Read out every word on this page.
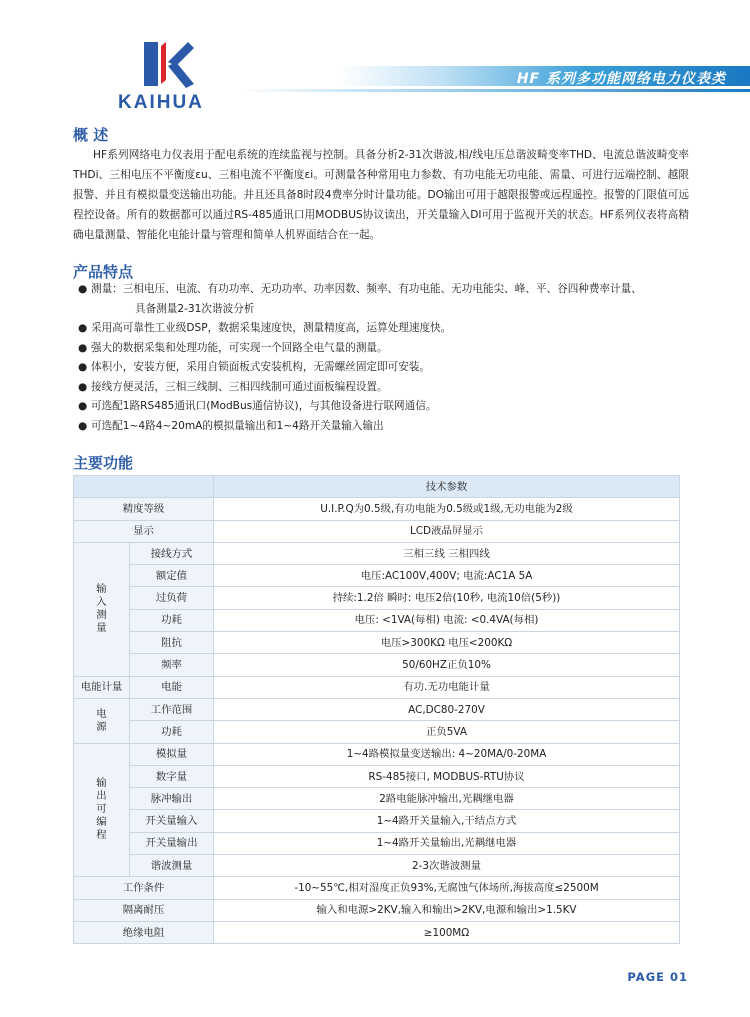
KAIHUA
HF 系列多功能网络电力仪表类
概 述
HF系列网络电力仪表用于配电系统的连续监视与控制。具备分析2-31次谐波,相/线电压总谐波畸变率THD、电流总谐波畸变率THDi、三相电压不平衡度εu、三相电流不平衡度εi。可测量各种常用电力参数、有功电能无功电能、需量、可进行远端控制、越限报警、并且有模拟量变送输出功能。并且还具备8时段4费率分时计量功能。DO输出可用于越限报警或远程遥控。报警的门限值可远程控设备。所有的数据都可以通过RS-485通讯口用MODBUS协议读出，开关量输入DI可用于监视开关的状态。HF系列仪表将高精确电量测量、智能化电能计量与管理和简单人机界面结合在一起。
产品特点
● 测量：三相电压、电流、有功功率、无功功率、功率因数、频率、有功电能、无功电能尖、峰、平、谷四种费率计量、
具备测量2-31次谐波分析
● 采用高可靠性工业级DSP，数据采集速度快，测量精度高，运算处理速度快。
● 强大的数据采集和处理功能，可实现一个回路全电气量的测量。
● 体积小，安装方便，采用自锁面板式安装机构，无需螺丝固定即可安装。
● 接线方便灵活，三相三线制、三相四线制可通过面板编程设置。
● 可选配1路RS485通讯口(ModBus通信协议)，与其他设备进行联网通信。
● 可选配1~4路4~20mA的模拟量输出和1~4路开关量输入输出
主要功能
		技术参数
精度等级		U.I.P.Q为0.5级,有功电能为0.5级或1级,无功电能为2级
显示		LCD液晶屏显示
输入测量	接线方式	三相三线 三相四线
	额定值	电压:AC100V,400V; 电流:AC1A 5A
	过负荷	持续:1.2倍 瞬时: 电压2倍(10秒, 电流10倍(5秒))
	功耗	电压: <1VA(每相) 电流: <0.4VA(每相)
	阻抗	电压>300KΩ 电压<200KΩ
	频率	50/60HZ正负10%
电能计量	电能	有功.无功电能计量
电源	工作范围	AC,DC80-270V
	功耗	正负5VA
输出可编程	模拟量	1~4路模拟量变送输出: 4~20MA/0-20MA
	数字量	RS-485接口, MODBUS-RTU协议
	脉冲输出	2路电能脉冲输出,光耦继电器
	开关量输入	1~4路开关量输入,干结点方式
	开关量输出	1~4路开关量输出,光耦继电器
	谐波测量	2-3次谐波测量
工作条件		-10~55℃,相对湿度正负93%,无腐蚀气体场所,海拔高度≤2500M
隔离耐压		输入和电源>2KV,输入和输出>2KV,电源和输出>1.5KV
绝缘电阻		≥100MΩ
PAGE 01
